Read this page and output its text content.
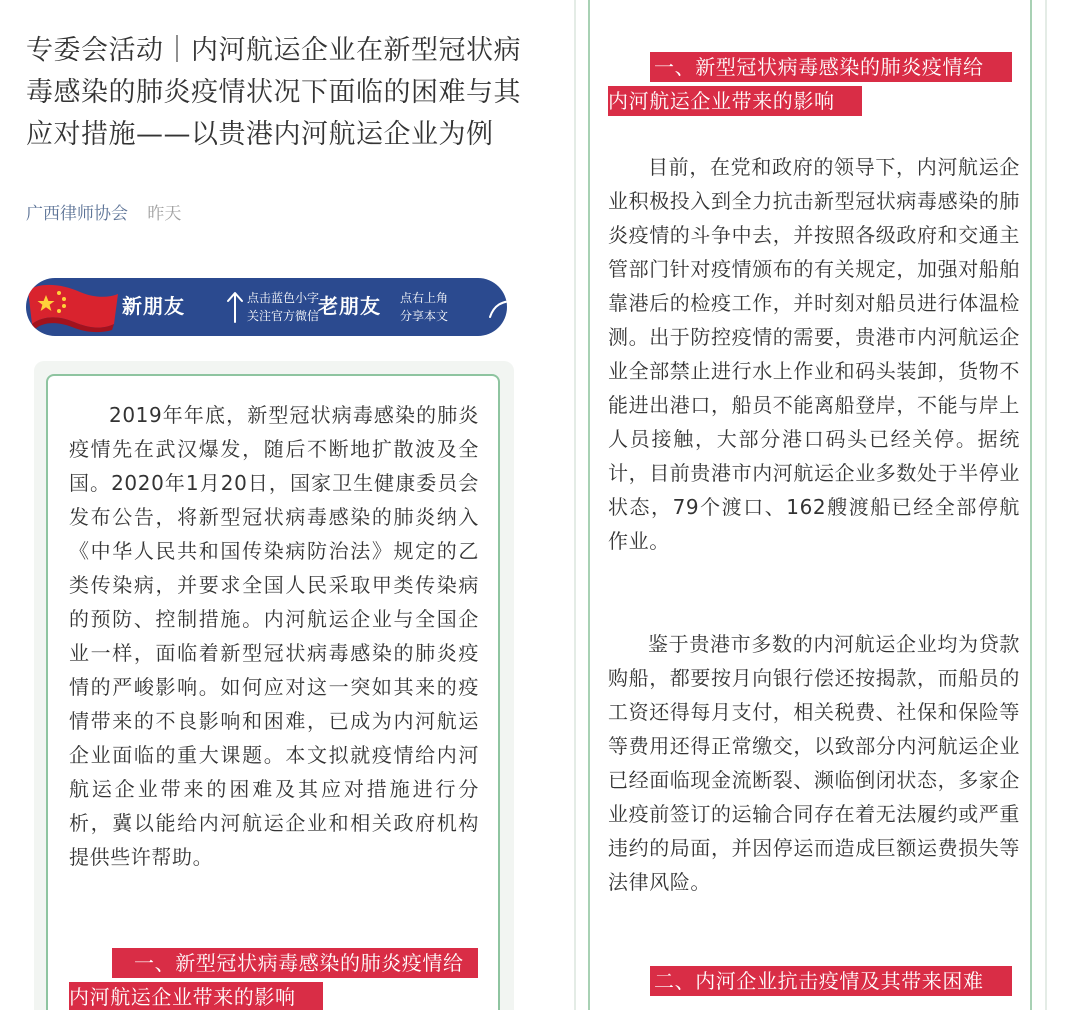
专委会活动｜内河航运企业在新型冠状病毒感染的肺炎疫情状况下面临的困难与其应对措施——以贵港内河航运企业为例
广西律师协会 昨天
新朋友	点击蓝色小字
关注官方微信
老朋友 点右上角
分享本文

2019年年底，新型冠状病毒感染的肺炎疫情先在武汉爆发，随后不断地扩散波及全国。2020年1月20日，国家卫生健康委员会发布公告，将新型冠状病毒感染的肺炎纳入《中华人民共和国传染病防治法》规定的乙类传染病，并要求全国人民采取甲类传染病的预防、控制措施。内河航运企业与全国企业一样，面临着新型冠状病毒感染的肺炎疫情的严峻影响。如何应对这一突如其来的疫情带来的不良影响和困难，已成为内河航运企业面临的重大课题。本文拟就疫情给内河航运企业带来的困难及其应对措施进行分析，冀以能给内河航运企业和相关政府机构提供些许帮助。

一、新型冠状病毒感染的肺炎疫情给
内河航运企业带来的影响
一、新型冠状病毒感染的肺炎疫情给
内河航运企业带来的影响

目前，在党和政府的领导下，内河航运企业积极投入到全力抗击新型冠状病毒感染的肺炎疫情的斗争中去，并按照各级政府和交通主管部门针对疫情颁布的有关规定，加强对船舶靠港后的检疫工作，并时刻对船员进行体温检测。出于防控疫情的需要，贵港市内河航运企业全部禁止进行水上作业和码头装卸，货物不能进出港口，船员不能离船登岸，不能与岸上人员接触，大部分港口码头已经关停。据统计，目前贵港市内河航运企业多数处于半停业状态，79个渡口、162艘渡船已经全部停航作业。

鉴于贵港市多数的内河航运企业均为贷款购船，都要按月向银行偿还按揭款，而船员的工资还得每月支付，相关税费、社保和保险等等费用还得正常缴交，以致部分内河航运企业已经面临现金流断裂、濒临倒闭状态，多家企业疫前签订的运输合同存在着无法履约或严重违约的局面，并因停运而造成巨额运费损失等法律风险。

二、内河企业抗击疫情及其带来困难
